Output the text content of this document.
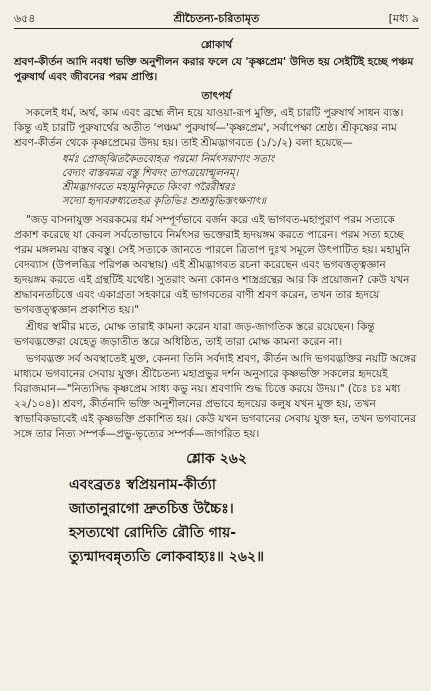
৬৫৪	শ্রীচৈতন্য-চরিতামৃত	[মধ্য ৯
শ্লোকার্থ

শ্রবণ-কীর্তন আদি নবধা ভক্তি অনুশীলন করার ফলে যে 'কৃষ্ণপ্রেম' উদিত হয় সেইটিই হচ্ছে পঞ্চম পুরুষার্থ এবং জীবনের পরম প্রাপ্তি।

তাৎপর্য

সকলেই ধর্ম, অর্থ, কাম এবং ব্রহ্মে লীন হয়ে যাওয়া-রূপ মুক্তি, এই চারটি পুরুষার্থ সাধন ব্যস্ত। কিন্তু এই চারটি পুরুষার্থের অতীত 'পঞ্চম' পুরুষার্থ—'কৃষ্ণপ্রেম', সর্বাপেক্ষা শ্রেষ্ঠ। শ্রীকৃষ্ণের নাম শ্রবণ-কীর্তন থেকে কৃষ্ণপ্রেমের উদয় হয়। তাই শ্রীমদ্ভাগবতে (১/১/২) বলা হয়েছে—

ধর্মঃ প্রোজ্‌ঝিতকৈতবোহত্র পরমো নির্মৎসরাণাং সতাং
বেদ্যং বাস্তবমত্র বস্তু শিবদং তাপত্রয়োন্মূলনম্।
শ্রীমদ্ভাগবতে মহামুনিকৃতে কিংবা পরৈরীশ্বরঃ
সদ্যো হৃদ্যবরুধ্যতেহত্র কৃতিভিঃ শুশ্রূষুভিস্তৎক্ষণাৎ॥

"জড় বাসনাযুক্ত সবরকমের ধর্ম সম্পূর্ণভাবে বর্জন করে এই ভাগবত-মহাপুরাণ পরম সত্যকে প্রকাশ করেছে যা কেবল সর্বতোভাবে নির্মৎসর ভক্তেরাই হৃদয়ঙ্গম করতে পারেন। পরম সত্য হচ্ছে পরম মঙ্গলময় বাস্তব বস্তু। সেই সত্যকে জানতে পারলে ত্রিতাপ দুঃখ সমূলে উৎপাটিত হয়। মহামুনি বেদব্যাস (উপলব্ধির পরিপক্ক অবস্থায়) এই শ্রীমদ্ভাগবত রচনা করেছেন এবং ভগবত্তত্ত্বজ্ঞান হৃদয়ঙ্গম করতে এই গ্রন্থটিই যথেষ্ট। সুতরাং অন্য কোনও শাস্ত্রগ্রন্থের আর কি প্রয়োজন? কেউ যখন শ্রদ্ধাবনতচিত্তে এবং একাগ্রতা সহকারে এই ভাগবতের বাণী শ্রবণ করেন, তখন তার হৃদয়ে ভগবত্তত্ত্বজ্ঞান প্রকাশিত হয়।"

শ্রীধর স্বামীর মতে, মোক্ষ তারাই কামনা করেন যারা জড়-জাগতিক স্তরে রয়েছেন। কিন্তু ভগবদ্ভক্তেরা যেহেতু জড়াতীত স্তরে অধিষ্ঠিত, তাই তারা মোক্ষ কামনা করেন না।

ভগবদ্ভক্ত সর্ব অবস্থাতেই মুক্ত, কেননা তিনি সর্বদাই শ্রবণ, কীর্তন আদি ভগবদ্ভক্তির নয়টি অঙ্গের মাধ্যমে ভগবানের সেবায় যুক্ত। শ্রীচৈতন্য মহাপ্রভুর দর্শন অনুসারে কৃষ্ণভক্তি সকলের হৃদয়েই বিরাজমান—"নিত্যসিদ্ধ কৃষ্ণপ্রেম সাধ্য কভু নয়। শ্রবণাদি শুদ্ধ চিত্তে করয়ে উদয়।" (চৈঃ চঃ মধ্য ২২/১০৪)। শ্রবণ, কীর্তনাদি ভক্তি অনুশীলনের প্রভাবে হৃদয়ের কলুষ যখন মুক্ত হয়, তখন স্বাভাবিকভাবেই এই কৃষ্ণভক্তি প্রকাশিত হয়। কেউ যখন ভগবানের সেবায় যুক্ত হন, তখন ভগবানের সঙ্গে তার নিত্য সম্পর্ক—প্রভু-ভৃত্যের সম্পর্ক—জাগরিত হয়।

শ্লোক ২৬২
এবংব্রতঃ স্বপ্রিয়নাম-কীর্ত্যা
জাতানুরাগো দ্রুতচিত্ত উচ্চৈঃ।
হসত্যথো রোদিতি রৌতি গায়-
ত্যুন্মাদবন্নৃত্যতি লোকবাহ্যঃ॥ ২৬২॥
